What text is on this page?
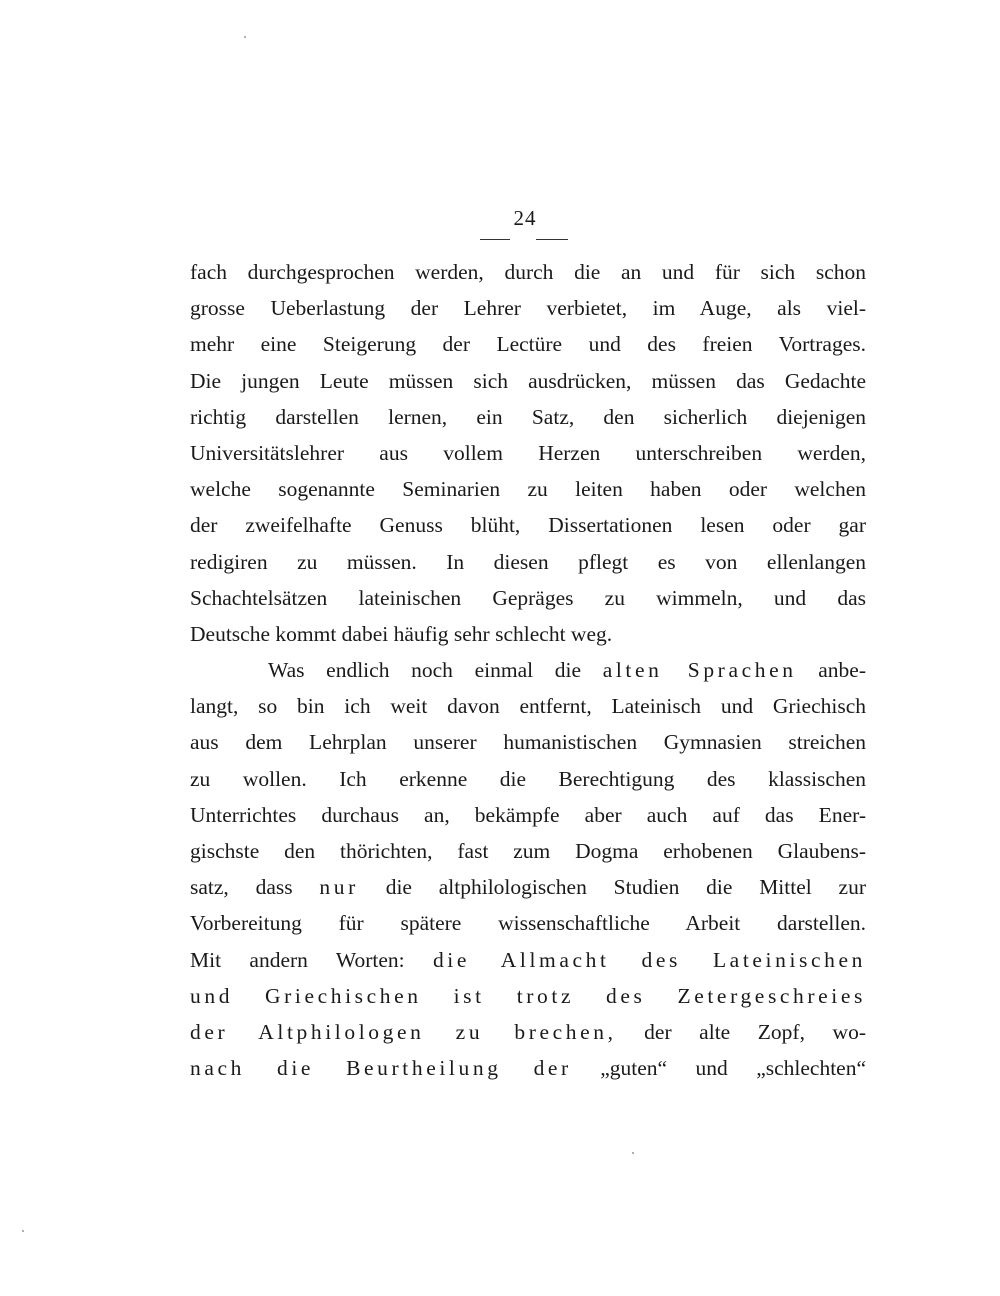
24
fach durchgesprochen werden, durch die an und für sich schon
grosse Ueberlastung der Lehrer verbietet, im Auge, als viel-
mehr eine Steigerung der Lectüre und des freien Vortrages.
Die jungen Leute müssen sich ausdrücken, müssen das Gedachte
richtig darstellen lernen, ein Satz, den sicherlich diejenigen
Universitätslehrer aus vollem Herzen unterschreiben werden,
welche sogenannte Seminarien zu leiten haben oder welchen
der zweifelhafte Genuss blüht, Dissertationen lesen oder gar
redigiren zu müssen. In diesen pflegt es von ellenlangen
Schachtelsätzen lateinischen Gepräges zu wimmeln, und das
Deutsche kommt dabei häufig sehr schlecht weg.
Was endlich noch einmal die alten Sprachen anbe-
langt, so bin ich weit davon entfernt, Lateinisch und Griechisch
aus dem Lehrplan unserer humanistischen Gymnasien streichen
zu wollen. Ich erkenne die Berechtigung des klassischen
Unterrichtes durchaus an, bekämpfe aber auch auf das Ener-
gischste den thörichten, fast zum Dogma erhobenen Glaubens-
satz, dass nur die altphilologischen Studien die Mittel zur
Vorbereitung für spätere wissenschaftliche Arbeit darstellen.
Mit andern Worten: die Allmacht des Lateinischen
und Griechischen ist trotz des Zetergeschreies
der Altphilologen zu brechen, der alte Zopf, wo-
nach die Beurtheilung der „guten“ und „schlechten“
